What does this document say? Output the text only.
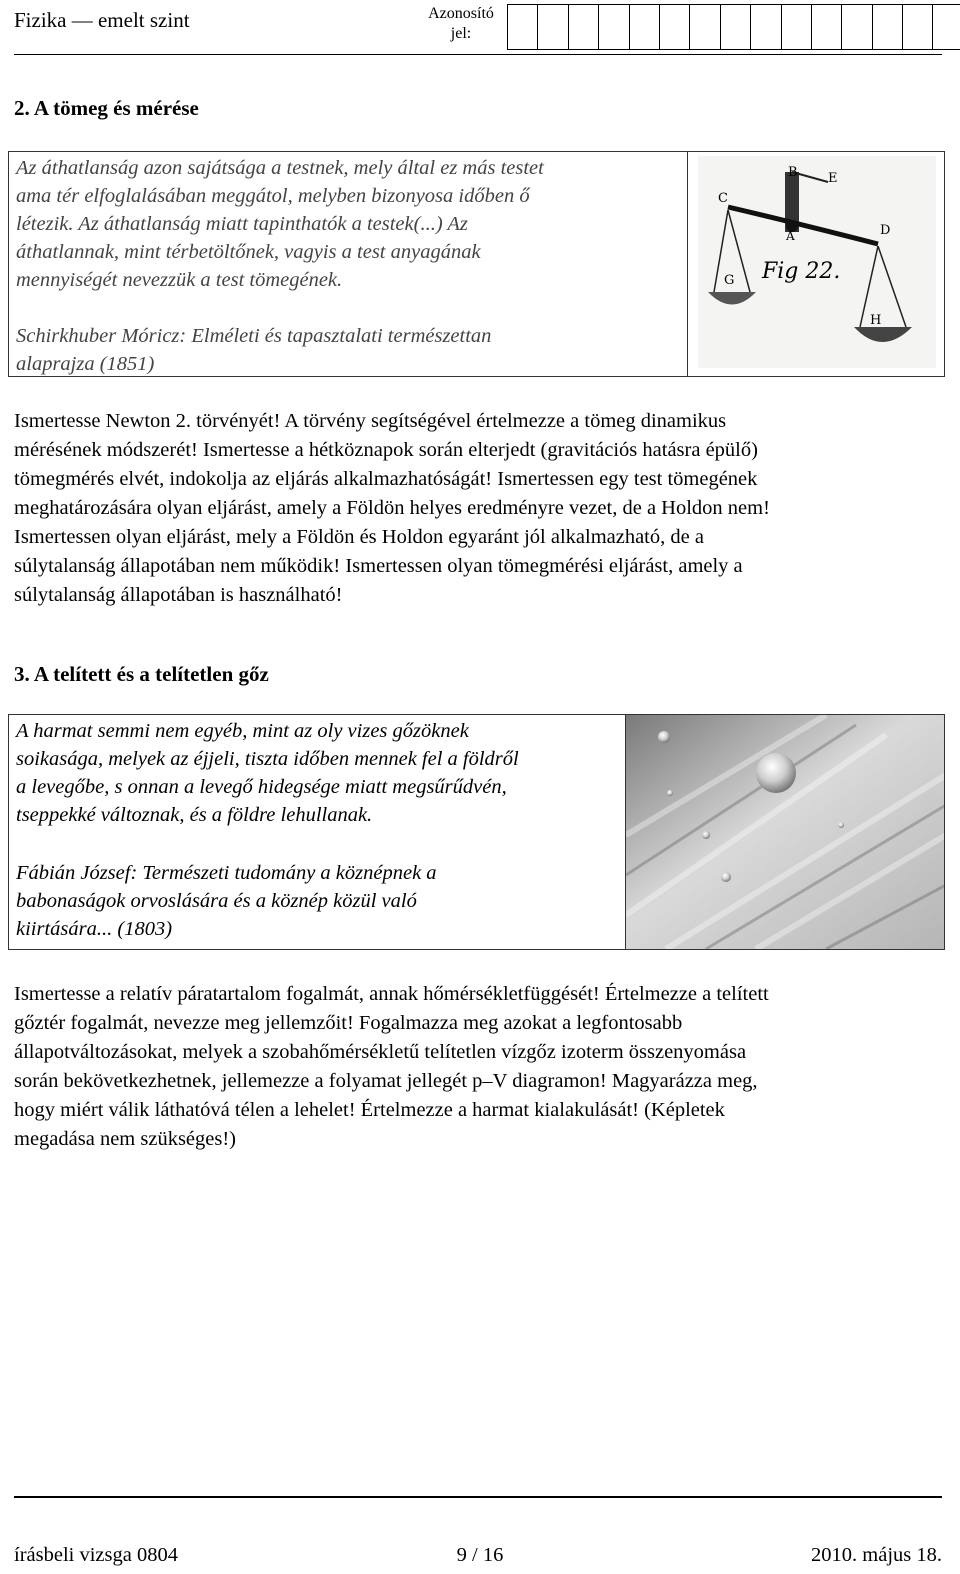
Fizika — emelt szint	Azonosító jel:
2. A tömeg és mérése

Az áthatlanság azon sajátsága a testnek, mely által ez más testet

ama tér elfoglalásában meggátol, melyben bizonyosa időben ő

létezik. Az áthatlanság miatt tapinthatók a testek(...) Az

áthatlannak, mint térbetöltőnek, vagyis a test anyagának

mennyiségét nevezzük a test tömegének.

Schirkhuber Móricz: Elméleti és tapasztalati természettan

alaprajza (1851)

B E
C
A	D
G
H
Fig 22.

Ismertesse Newton 2. törvényét! A törvény segítségével értelmezze a tömeg dinamikus

mérésének módszerét! Ismertesse a hétköznapok során elterjedt (gravitációs hatásra épülő)

tömegmérés elvét, indokolja az eljárás alkalmazhatóságát! Ismertessen egy test tömegének

meghatározására olyan eljárást, amely a Földön helyes eredményre vezet, de a Holdon nem!

Ismertessen olyan eljárást, mely a Földön és Holdon egyaránt jól alkalmazható, de a

súlytalanság állapotában nem működik! Ismertessen olyan tömegmérési eljárást, amely a

súlytalanság állapotában is használható!

3. A telített és a telítetlen gőz

A harmat semmi nem egyéb, mint az oly vizes gőzöknek

soikasága, melyek az éjjeli, tiszta időben mennek fel a földről

a levegőbe, s onnan a levegő hidegsége miatt megsűrűdvén,

tseppekké változnak, és a földre lehullanak.

Fábián József: Természeti tudomány a köznépnek a

babonaságok orvoslására és a köznép közül való

kiirtására... (1803)

Ismertesse a relatív páratartalom fogalmát, annak hőmérsékletfüggését! Értelmezze a telített

gőztér fogalmát, nevezze meg jellemzőit! Fogalmazza meg azokat a legfontosabb

állapotváltozásokat, melyek a szobahőmérsékletű telítetlen vízgőz izoterm összenyomása

során bekövetkezhetnek, jellemezze a folyamat jellegét p–V diagramon! Magyarázza meg,

hogy miért válik láthatóvá télen a lehelet! Értelmezze a harmat kialakulását! (Képletek

megadása nem szükséges!)

írásbeli vizsga 0804	9 / 16	2010. május 18.
